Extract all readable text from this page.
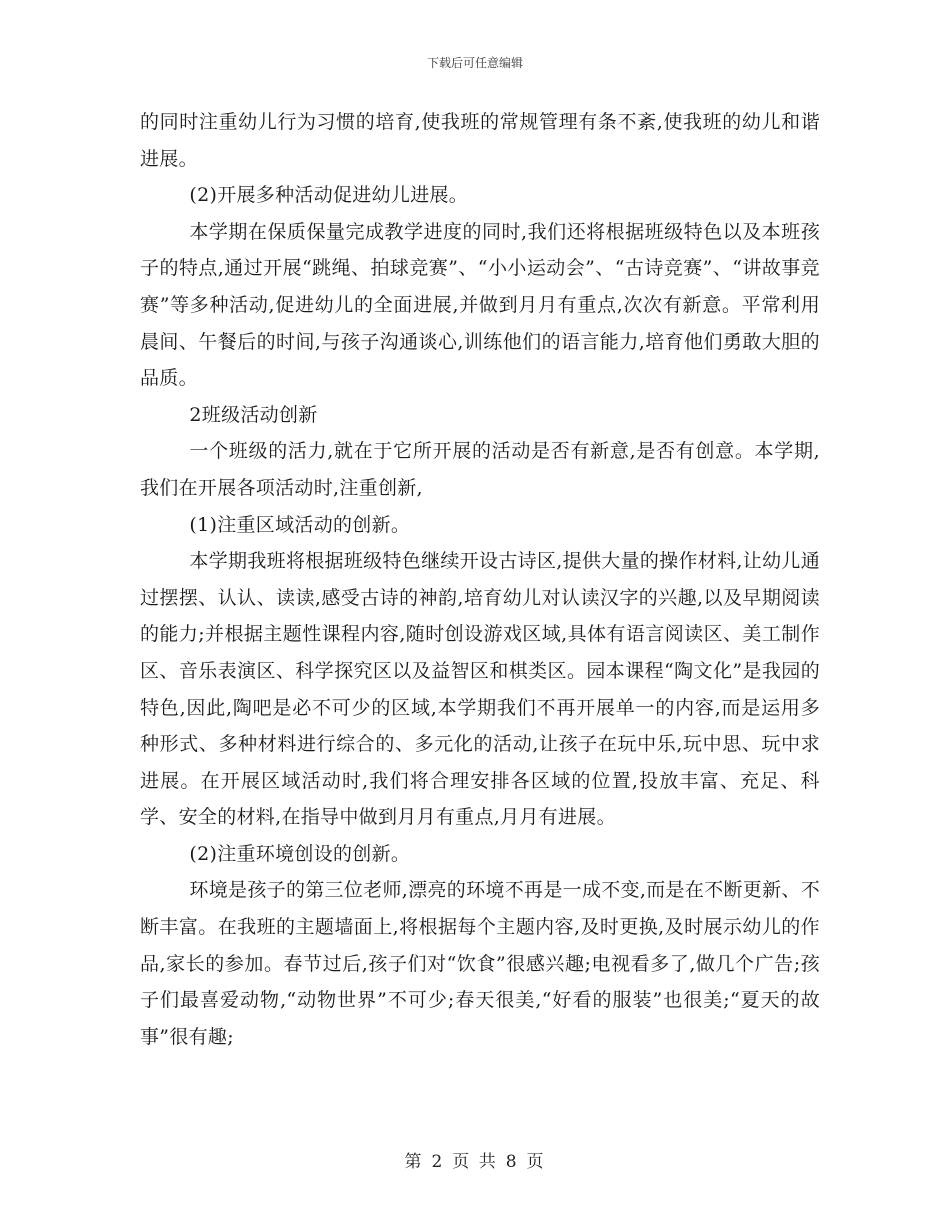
下载后可任意编辑

的同时注重幼儿行为习惯的培育,使我班的常规管理有条不紊,使我班的幼儿和谐进展。

(2)开展多种活动促进幼儿进展。

本学期在保质保量完成教学进度的同时,我们还将根据班级特色以及本班孩子的特点,通过开展“跳绳、拍球竞赛”、“小小运动会”、“古诗竞赛”、“讲故事竞赛”等多种活动,促进幼儿的全面进展,并做到月月有重点,次次有新意。平常利用晨间、午餐后的时间,与孩子沟通谈心,训练他们的语言能力,培育他们勇敢大胆的品质。

2班级活动创新

一个班级的活力,就在于它所开展的活动是否有新意,是否有创意。本学期,我们在开展各项活动时,注重创新,

(1)注重区域活动的创新。

本学期我班将根据班级特色继续开设古诗区,提供大量的操作材料,让幼儿通过摆摆、认认、读读,感受古诗的神韵,培育幼儿对认读汉字的兴趣,以及早期阅读的能力;并根据主题性课程内容,随时创设游戏区域,具体有语言阅读区、美工制作区、音乐表演区、科学探究区以及益智区和棋类区。园本课程“陶文化”是我园的特色,因此,陶吧是必不可少的区域,本学期我们不再开展单一的内容,而是运用多种形式、多种材料进行综合的、多元化的活动,让孩子在玩中乐,玩中思、玩中求进展。在开展区域活动时,我们将合理安排各区域的位置,投放丰富、充足、科学、安全的材料,在指导中做到月月有重点,月月有进展。

(2)注重环境创设的创新。

环境是孩子的第三位老师,漂亮的环境不再是一成不变,而是在不断更新、不断丰富。在我班的主题墙面上,将根据每个主题内容,及时更换,及时展示幼儿的作品,家长的参加。春节过后,孩子们对“饮食”很感兴趣;电视看多了,做几个广告;孩子们最喜爱动物,“动物世界”不可少;春天很美,“好看的服装”也很美;“夏天的故事”很有趣;

第 2 页 共 8 页
